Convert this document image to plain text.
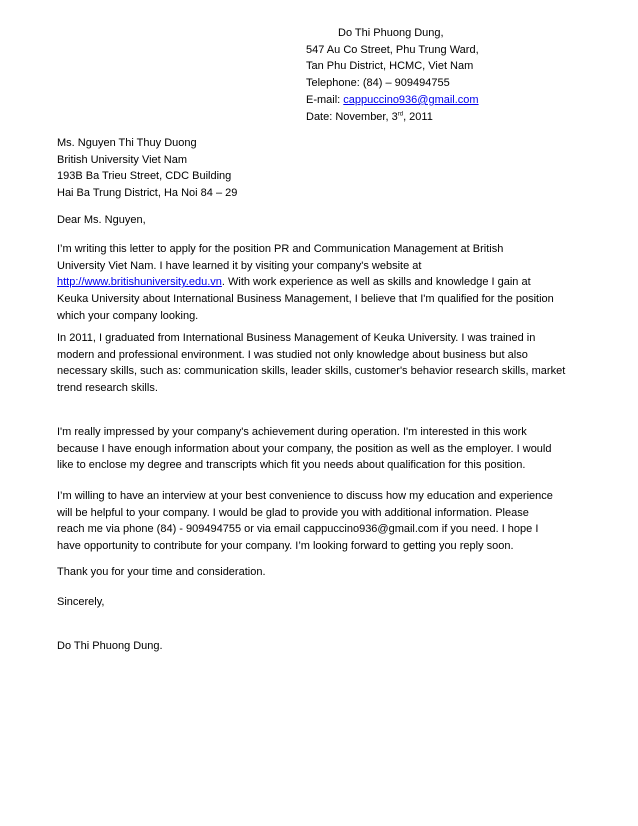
Do Thi Phuong Dung,
547 Au Co Street, Phu Trung Ward,
Tan Phu District, HCMC, Viet Nam
Telephone: (84) – 909494755
E-mail: cappuccino936@gmail.com
Date: November, 3rd, 2011
Ms. Nguyen Thi Thuy Duong
British University Viet Nam
193B Ba Trieu Street, CDC Building
Hai Ba Trung District, Ha Noi 84 – 29
Dear Ms. Nguyen,
I’m writing this letter to apply for the position PR and Communication Management at British
University Viet Nam. I have learned it by visiting your company's website at
http://www.britishuniversity.edu.vn. With work experience as well as skills and knowledge I gain at
Keuka University about International Business Management, I believe that I'm qualified for the position
which your company looking.
In 2011, I graduated from International Business Management of Keuka University. I was trained in
modern and professional environment. I was studied not only knowledge about business but also
necessary skills, such as: communication skills, leader skills, customer's behavior research skills, market
trend research skills.
I'm really impressed by your company's achievement during operation. I'm interested in this work
because I have enough information about your company, the position as well as the employer. I would
like to enclose my degree and transcripts which fit you needs about qualification for this position.
I’m willing to have an interview at your best convenience to discuss how my education and experience
will be helpful to your company. I would be glad to provide you with additional information. Please
reach me via phone (84) - 909494755 or via email cappuccino936@gmail.com if you need. I hope I
have opportunity to contribute for your company. I’m looking forward to getting you reply soon.
Thank you for your time and consideration.
Sincerely,
Do Thi Phuong Dung.
